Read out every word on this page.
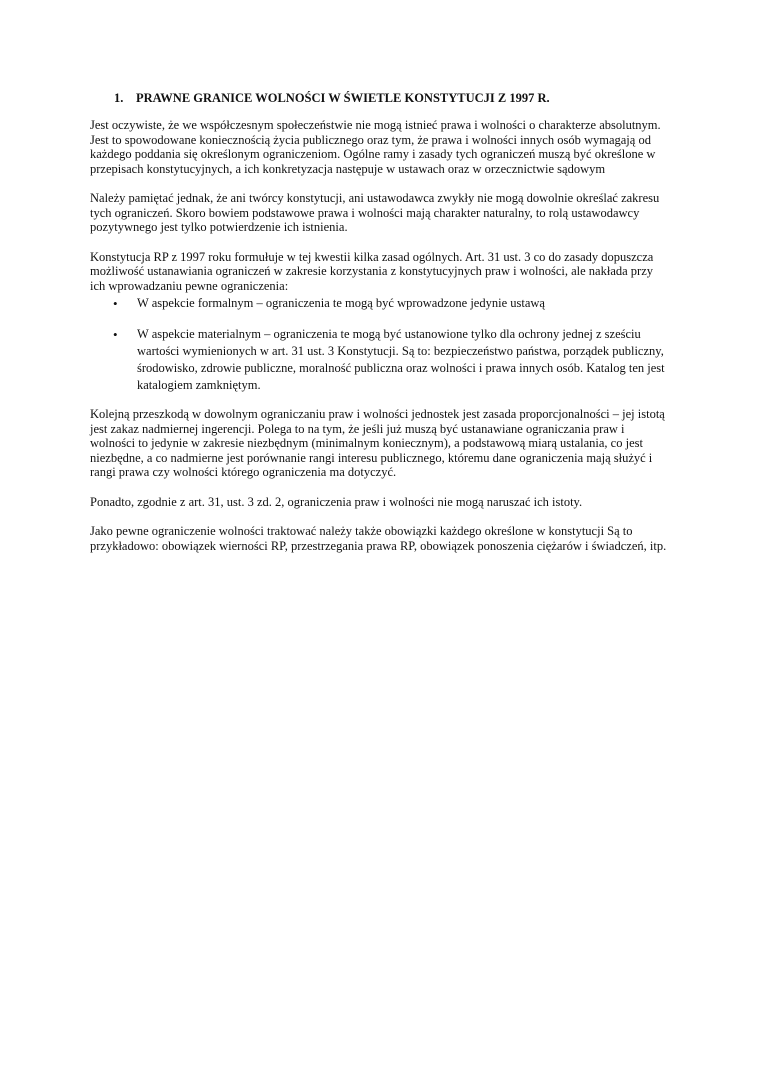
1.	PRAWNE GRANICE WOLNOŚCI W ŚWIETLE KONSTYTUCJI Z 1997 R.

Jest oczywiste, że we współczesnym społeczeństwie nie mogą istnieć prawa i wolności o charakterze absolutnym. Jest to spowodowane koniecznością życia publicznego oraz tym, że prawa i wolności innych osób wymagają od każdego poddania się określonym ograniczeniom. Ogólne ramy i zasady tych ograniczeń muszą być określone w przepisach konstytucyjnych, a ich konkretyzacja następuje w ustawach oraz w orzecznictwie sądowym

Należy pamiętać jednak, że ani twórcy konstytucji, ani ustawodawca zwykły nie mogą dowolnie określać zakresu tych ograniczeń. Skoro bowiem podstawowe prawa i wolności mają charakter naturalny, to rolą ustawodawcy pozytywnego jest tylko potwierdzenie ich istnienia.

Konstytucja RP z 1997 roku formułuje w tej kwestii kilka zasad ogólnych. Art. 31 ust. 3 co do zasady dopuszcza możliwość ustanawiania ograniczeń w zakresie korzystania z konstytucyjnych praw i wolności, ale nakłada przy ich wprowadzaniu pewne ograniczenia:

• W aspekcie formalnym – ograniczenia te mogą być wprowadzone jedynie ustawą
• W aspekcie materialnym – ograniczenia te mogą być ustanowione tylko dla ochrony jednej z sześciu wartości wymienionych w art. 31 ust. 3 Konstytucji. Są to: bezpieczeństwo państwa, porządek publiczny, środowisko, zdrowie publiczne, moralność publiczna oraz wolności i prawa innych osób. Katalog ten jest katalogiem zamkniętym.

Kolejną przeszkodą w dowolnym ograniczaniu praw i wolności jednostek jest zasada proporcjonalności – jej istotą jest zakaz nadmiernej ingerencji. Polega to na tym, że jeśli już muszą być ustanawiane ograniczania praw i wolności to jedynie w zakresie niezbędnym (minimalnym koniecznym), a podstawową miarą ustalania, co jest niezbędne, a co nadmierne jest porównanie rangi interesu publicznego, któremu dane ograniczenia mają służyć i rangi prawa czy wolności którego ograniczenia ma dotyczyć.

Ponadto, zgodnie z art. 31, ust. 3 zd. 2, ograniczenia praw i wolności nie mogą naruszać ich istoty.

Jako pewne ograniczenie wolności traktować należy także obowiązki każdego określone w konstytucji Są to przykładowo: obowiązek wierności RP, przestrzegania prawa RP, obowiązek ponoszenia ciężarów i świadczeń, itp.
